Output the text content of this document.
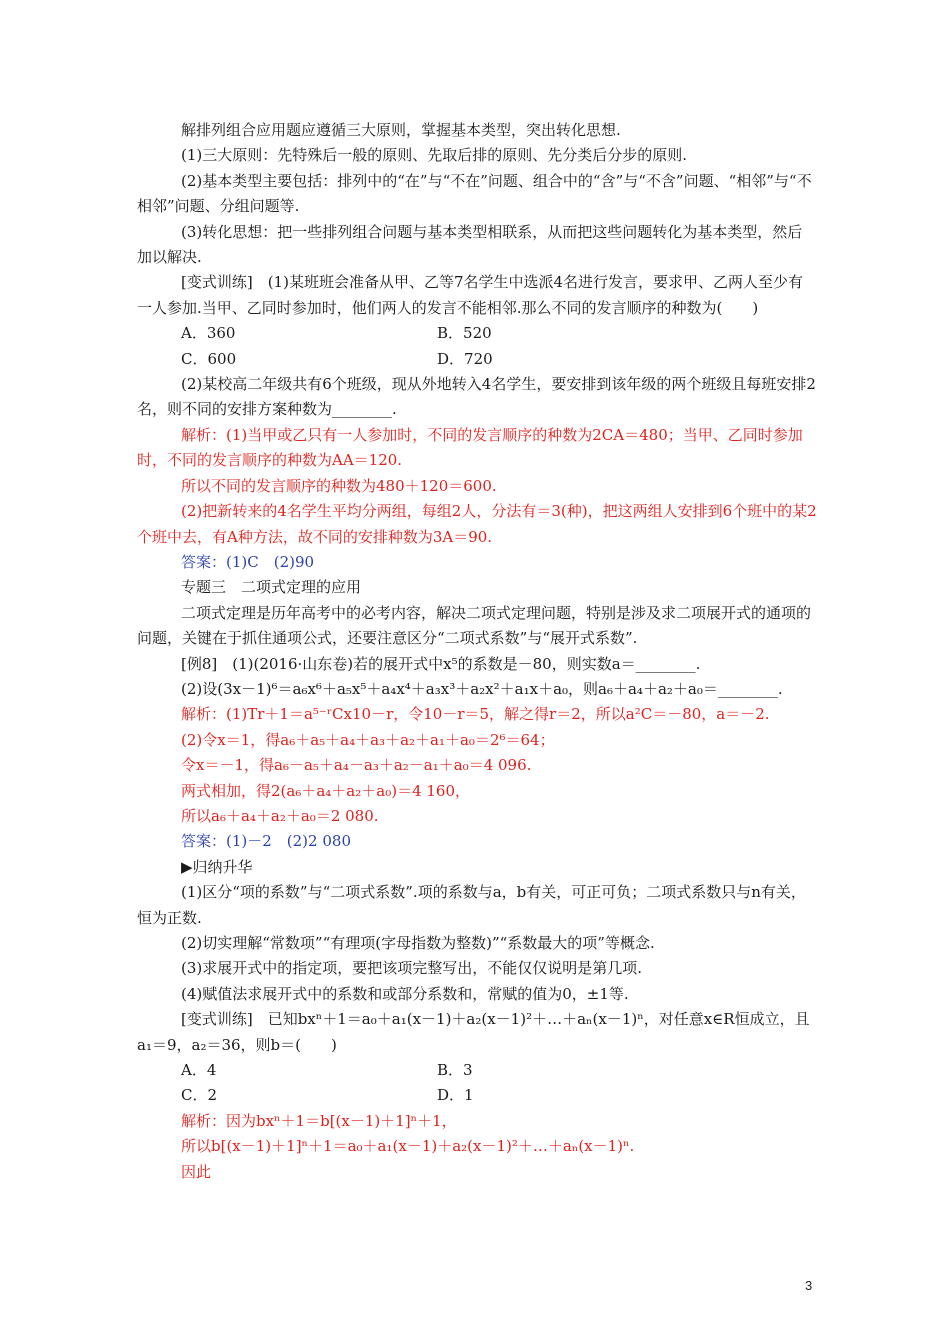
解排列组合应用题应遵循三大原则，掌握基本类型，突出转化思想.

(1)三大原则：先特殊后一般的原则、先取后排的原则、先分类后分步的原则.

(2)基本类型主要包括：排列中的“在”与“不在”问题、组合中的“含”与“不含”问题、“相邻”与“不相邻”问题、分组问题等.

(3)转化思想：把一些排列组合问题与基本类型相联系，从而把这些问题转化为基本类型，然后加以解决.

[变式训练]　(1)某班班会准备从甲、乙等7名学生中选派4名进行发言，要求甲、乙两人至少有一人参加.当甲、乙同时参加时，他们两人的发言不能相邻.那么不同的发言顺序的种数为(　　)

A．360	B．520
C．600	D．720

(2)某校高二年级共有6个班级，现从外地转入4名学生，要安排到该年级的两个班级且每班安排2名，则不同的安排方案种数为________.

解析：(1)当甲或乙只有一人参加时，不同的发言顺序的种数为2CA＝480；当甲、乙同时参加时，不同的发言顺序的种数为AA＝120.

所以不同的发言顺序的种数为480＋120＝600.

(2)把新转来的4名学生平均分两组，每组2人，分法有＝3(种)，把这两组人安排到6个班中的某2个班中去，有A种方法，故不同的安排种数为3A＝90.

答案：(1)C　(2)90

专题三　二项式定理的应用

二项式定理是历年高考中的必考内容，解决二项式定理问题，特别是涉及求二项展开式的通项的问题，关键在于抓住通项公式，还要注意区分“二项式系数”与“展开式系数”.

[例8]　(1)(2016·山东卷)若的展开式中x⁵的系数是－80，则实数a＝________.

(2)设(3x－1)⁶＝a₆x⁶＋a₅x⁵＋a₄x⁴＋a₃x³＋a₂x²＋a₁x＋a₀，则a₆＋a₄＋a₂＋a₀＝________.

解析：(1)Tr＋1＝a⁵⁻ʳCx10－r，令10－r＝5，解之得r＝2，所以a²C＝－80，a＝－2.

(2)令x＝1，得a₆＋a₅＋a₄＋a₃＋a₂＋a₁＋a₀＝2⁶＝64；

令x＝－1，得a₆－a₅＋a₄－a₃＋a₂－a₁＋a₀＝4 096.

两式相加，得2(a₆＋a₄＋a₂＋a₀)＝4 160，

所以a₆＋a₄＋a₂＋a₀＝2 080.

答案：(1)－2　(2)2 080

▶归纳升华

(1)区分“项的系数”与“二项式系数”.项的系数与a，b有关，可正可负；二项式系数只与n有关，恒为正数.

(2)切实理解“常数项”“有理项(字母指数为整数)”“系数最大的项”等概念.

(3)求展开式中的指定项，要把该项完整写出，不能仅仅说明是第几项.

(4)赋值法求展开式中的系数和或部分系数和，常赋的值为0，±1等.

[变式训练]　已知bxⁿ＋1＝a₀＋a₁(x－1)＋a₂(x－1)²＋…＋aₙ(x－1)ⁿ，对任意x∈R恒成立，且a₁＝9，a₂＝36，则b＝(　　)

A．4	B．3
C．2	D．1

解析：因为bxⁿ＋1＝b[(x－1)＋1]ⁿ＋1，

所以b[(x－1)＋1]ⁿ＋1＝a₀＋a₁(x－1)＋a₂(x－1)²＋…＋aₙ(x－1)ⁿ.

因此

3
